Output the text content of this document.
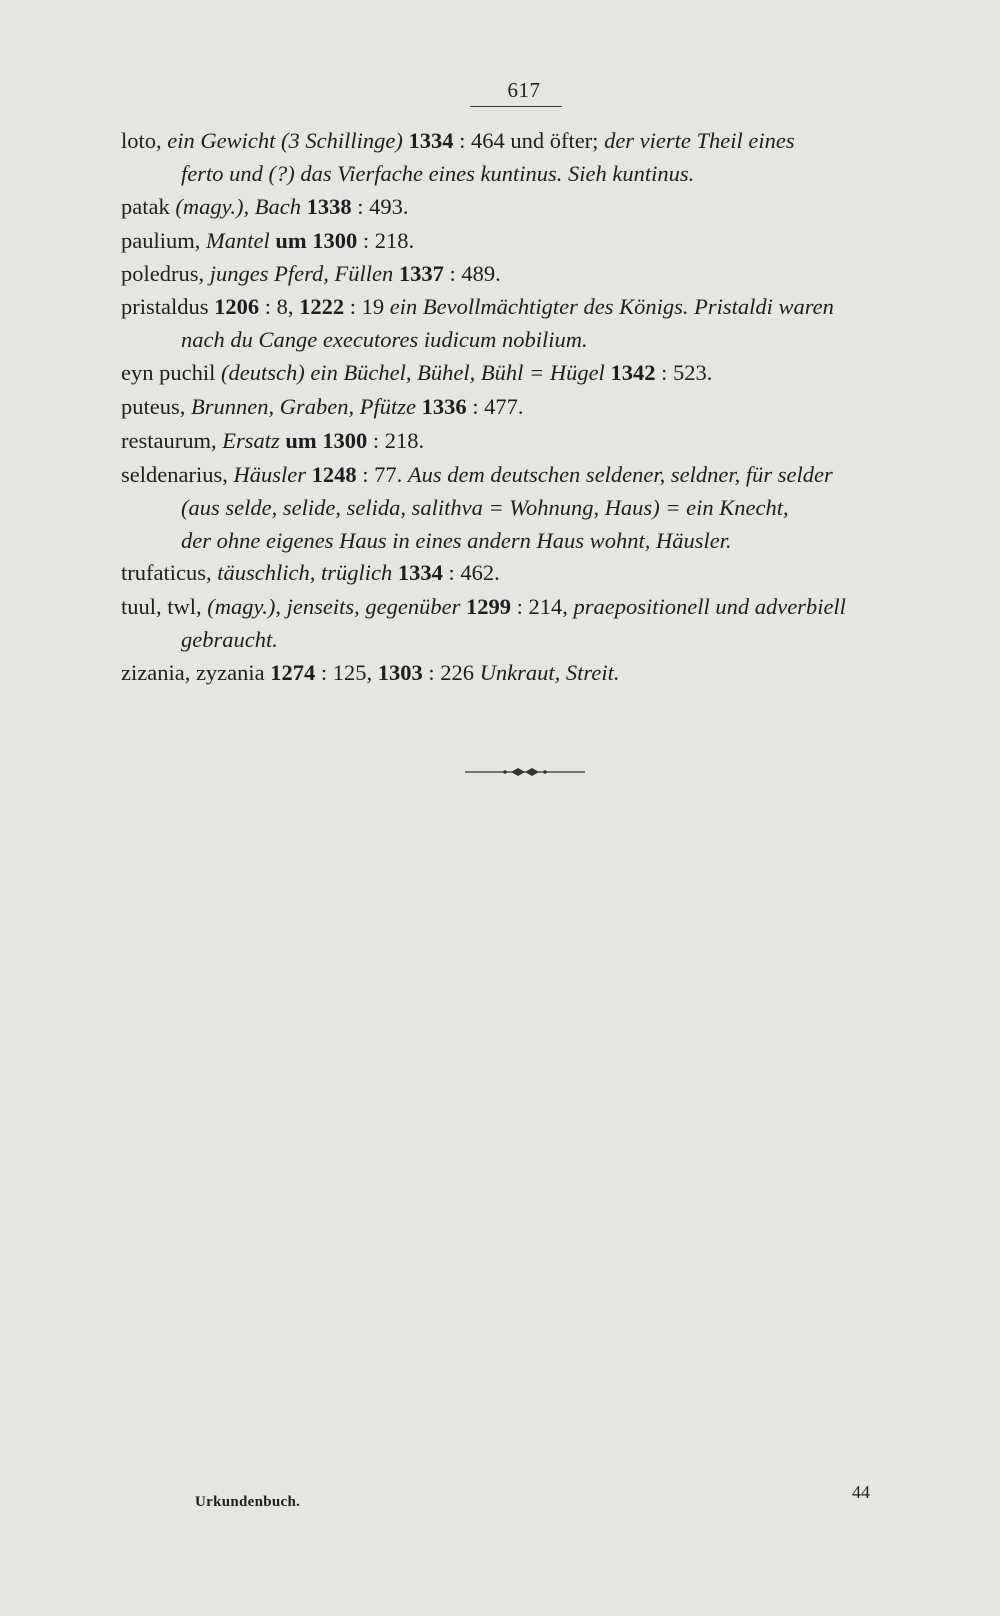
617
loto, ein Gewicht (3 Schillinge) 1334 : 464 und öfter; der vierte Theil eines
ferto und (?) das Vierfache eines kuntinus. Sieh kuntinus.
patak (magy.), Bach 1338 : 493.
paulium, Mantel um 1300 : 218.
poledrus, junges Pferd, Füllen 1337 : 489.
pristaldus 1206 : 8, 1222 : 19 ein Bevollmächtigter des Königs. Pristaldi waren
nach du Cange executores iudicum nobilium.
eyn puchil (deutsch) ein Büchel, Bühel, Bühl = Hügel 1342 : 523.
puteus, Brunnen, Graben, Pfütze 1336 : 477.
restaurum, Ersatz um 1300 : 218.
seldenarius, Häusler 1248 : 77. Aus dem deutschen seldener, seldner, für selder
(aus selde, selide, selida, salithva = Wohnung, Haus) = ein Knecht,
der ohne eigenes Haus in eines andern Haus wohnt, Häusler.
trufaticus, täuschlich, trüglich 1334 : 462.
tuul, twl, (magy.), jenseits, gegenüber 1299 : 214, praepositionell und adverbiell
gebraucht.
zizania, zyzania 1274 : 125, 1303 : 226 Unkraut, Streit.
Urkundenbuch.	44
